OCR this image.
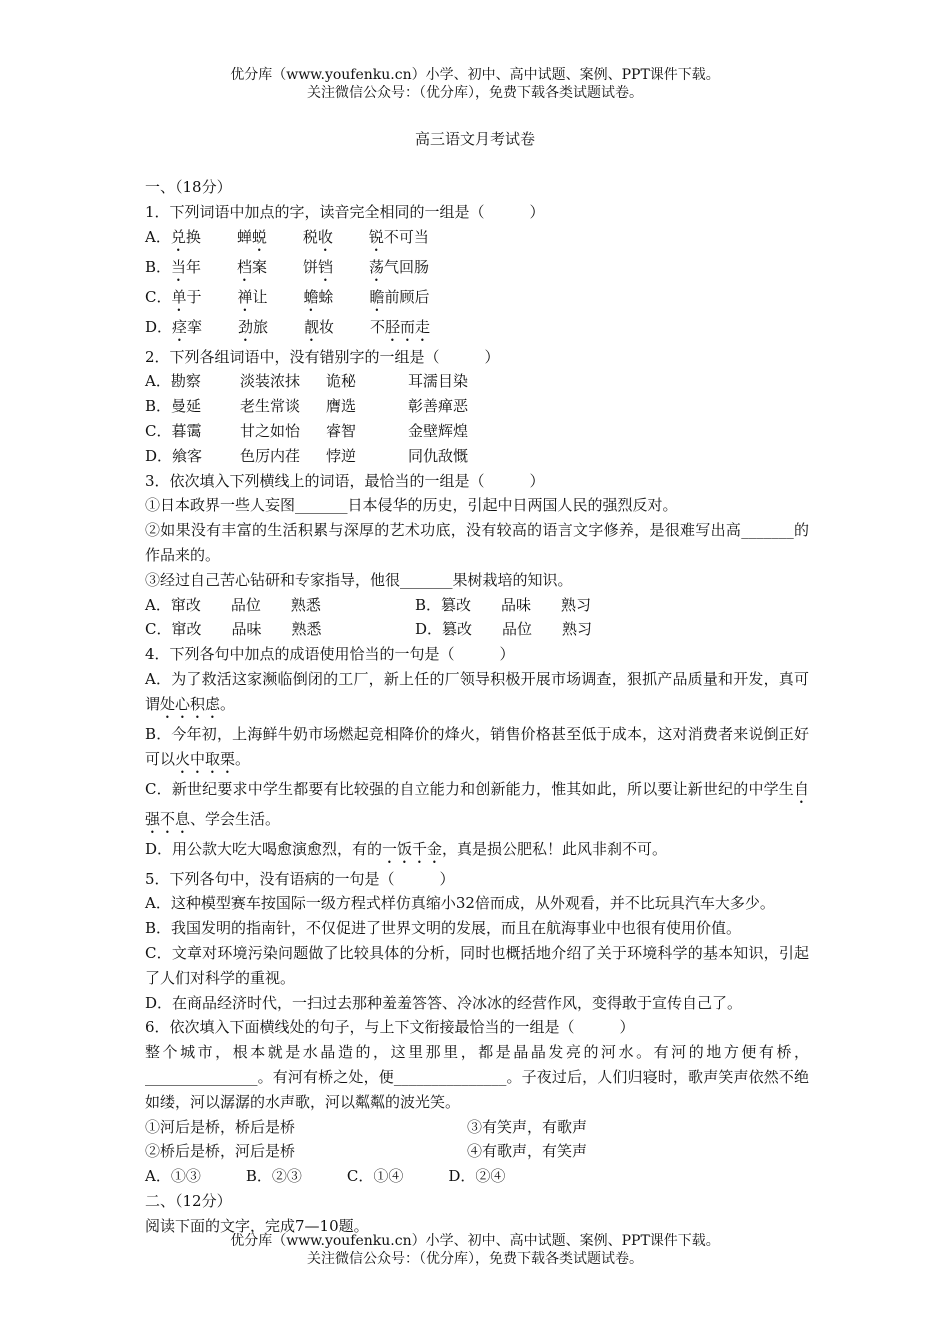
优分库（www.youfenku.cn）小学、初中、高中试题、案例、PPT课件下载。
关注微信公众号：（优分库），免费下载各类试题试卷。
高三语文月考试卷

一、（18分）

1．下列词语中加点的字，读音完全相同的一组是（　　　）

A． 兑换	蝉蜕	税收	锐不可当

B． 当年	档案	饼铛	荡气回肠

C． 单于	禅让	蟾蜍	瞻前顾后

D． 痉挛	劲旅	靓妆	不胫而走

2．下列各组词语中，没有错别字的一组是（　　　）

A．勘察	淡装浓抹	诡秘	耳濡目染

B．曼延	老生常谈	膺选	彰善瘅恶

C．暮霭	甘之如怡	睿智	金壁辉煌

D．飨客	色厉内荏	悖逆	同仇敌慨

3．依次填入下列横线上的词语，最恰当的一组是（　　　）

①日本政界一些人妄图_______日本侵华的历史，引起中日两国人民的强烈反对。

②如果没有丰富的生活积累与深厚的艺术功底，没有较高的语言文字修养，是很难写出高_______的作品来的。

③经过自己苦心钻研和专家指导，他很_______果树栽培的知识。

A．窜改　　品位　　熟悉	B．篡改　　品味　　熟习

C．窜改　　品味　　熟悉	D．篡改　　品位　　熟习

4．下列各句中加点的成语使用恰当的一句是（　　　）

A．为了救活这家濒临倒闭的工厂，新上任的厂领导积极开展市场调查，狠抓产品质量和开发，真可谓处心积虑。

B．今年初，上海鲜牛奶市场燃起竞相降价的烽火，销售价格甚至低于成本，这对消费者来说倒正好可以火中取栗。

C．新世纪要求中学生都要有比较强的自立能力和创新能力，惟其如此，所以要让新世纪的中学生自强不息、学会生活。

D．用公款大吃大喝愈演愈烈，有的一饭千金，真是损公肥私！此风非刹不可。

5．下列各句中，没有语病的一句是（　　　）

A．这种模型赛车按国际一级方程式样仿真缩小32倍而成，从外观看，并不比玩具汽车大多少。

B．我国发明的指南针，不仅促进了世界文明的发展，而且在航海事业中也很有使用价值。

C．文章对环境污染问题做了比较具体的分析，同时也概括地介绍了关于环境科学的基本知识，引起了人们对科学的重视。

D．在商品经济时代，一扫过去那种羞羞答答、冷冰冰的经营作风，变得敢于宣传自己了。

6．依次填入下面横线处的句子，与上下文衔接最恰当的一组是（　　　）

整个城市，根本就是水晶造的，这里那里，都是晶晶发亮的河水。有河的地方便有桥，_______________。有河有桥之处，便_______________。子夜过后，人们归寝时，歌声笑声依然不绝如缕，河以潺潺的水声歌，河以粼粼的波光笑。

①河后是桥，桥后是桥	③有笑声，有歌声

②桥后是桥，河后是桥	④有歌声，有笑声

A．①③　　　B．②③　　　C．①④　　　D．②④

二、（12分）

阅读下面的文字，完成7—10题。

优分库（www.youfenku.cn）小学、初中、高中试题、案例、PPT课件下载。
关注微信公众号：（优分库），免费下载各类试题试卷。
